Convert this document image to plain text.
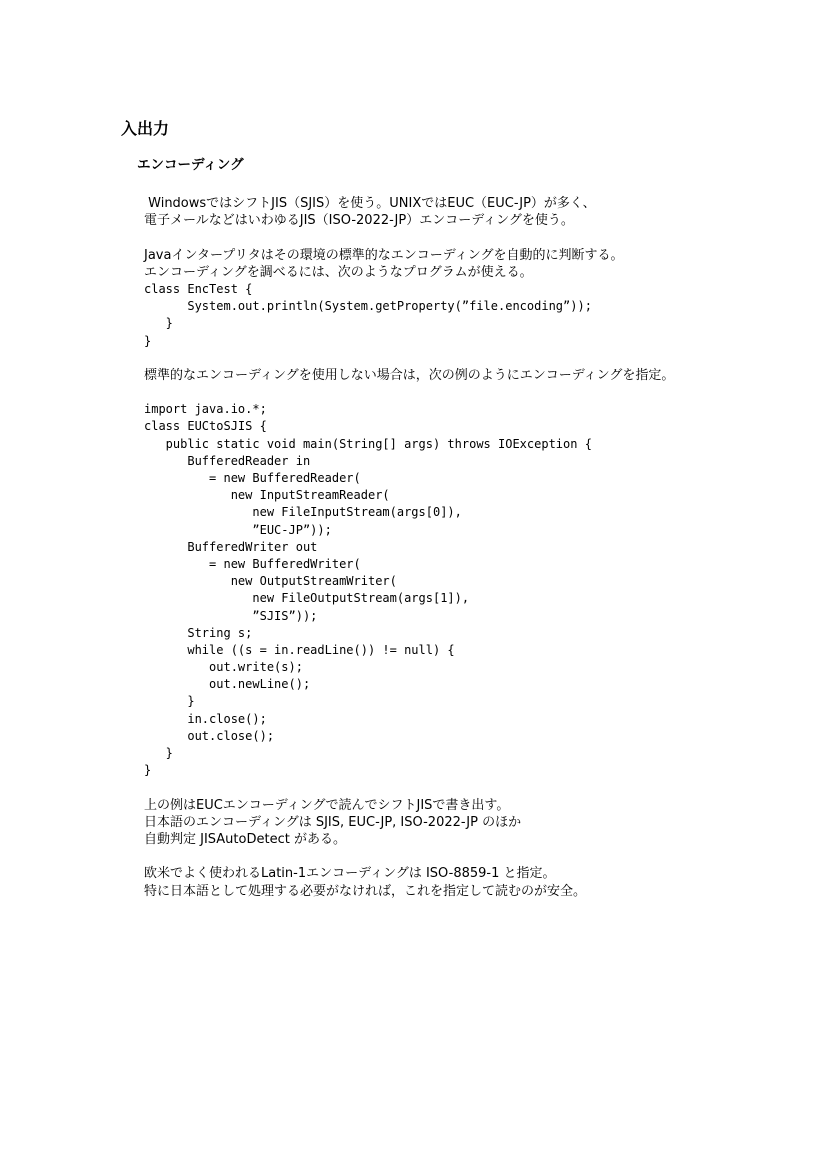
入出力
エンコーディング
WindowsではシフトJIS（SJIS）を使う。UNIXではEUC（EUC-JP）が多く、
電子メールなどはいわゆるJIS（ISO-2022-JP）エンコーディングを使う。
Javaインタープリタはその環境の標準的なエンコーディングを自動的に判断する。
エンコーディングを調べるには、次のようなプログラムが使える。
class EncTest {
System.out.println(System.getProperty(”file.encoding”));
}
}
標準的なエンコーディングを使用しない場合は，次の例のようにエンコーディングを指定。
import java.io.*;
class EUCtoSJIS {
public static void main(String[] args) throws IOException {
BufferedReader in
= new BufferedReader(
new InputStreamReader(
new FileInputStream(args[0]),
”EUC-JP”));
BufferedWriter out
= new BufferedWriter(
new OutputStreamWriter(
new FileOutputStream(args[1]),
”SJIS”));
String s;
while ((s = in.readLine()) != null) {
out.write(s);
out.newLine();
}
in.close();
out.close();
}
}
上の例はEUCエンコーディングで読んでシフトJISで書き出す。
日本語のエンコーディングは SJIS, EUC-JP, ISO-2022-JP のほか
自動判定 JISAutoDetect がある。
欧米でよく使われるLatin-1エンコーディングは ISO-8859-1 と指定。
特に日本語として処理する必要がなければ，これを指定して読むのが安全。
